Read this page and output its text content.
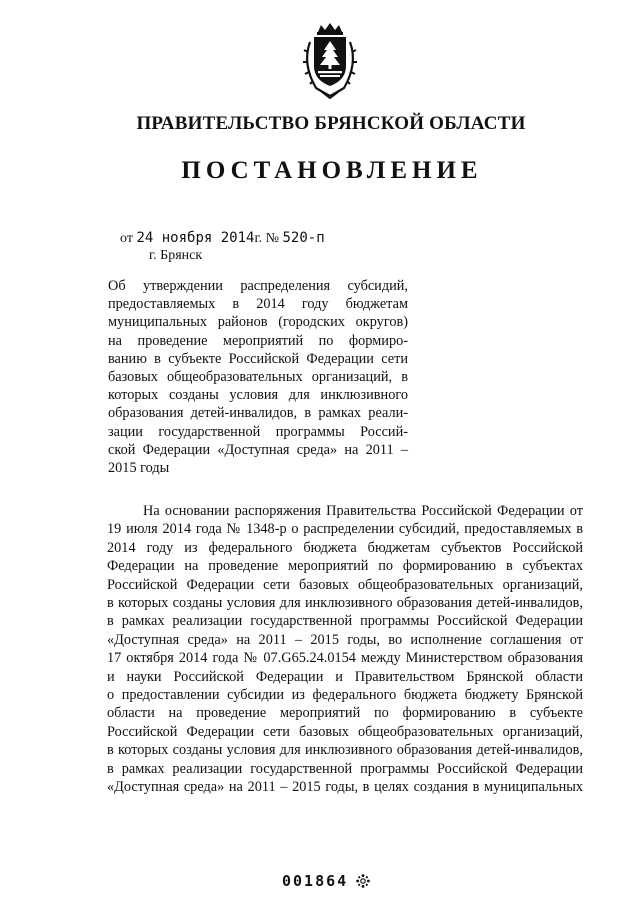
ПРАВИТЕЛЬСТВО БРЯНСКОЙ ОБЛАСТИ
ПОСТАНОВЛЕНИЕ
от 24 ноября 2014г. № 520-п
г. Брянск
Об утверждении распределения субсидий,
предоставляемых в 2014 году бюджетам
муниципальных районов (городских округов)
на проведение мероприятий по формиро-
ванию в субъекте Российской Федерации сети
базовых общеобразовательных организаций, в
которых созданы условия для инклюзивного
образования детей-инвалидов, в рамках реали-
зации государственной программы Россий-
ской Федерации «Доступная среда» на 2011 –
2015 годы
На основании распоряжения Правительства Российской Федерации от
19 июля 2014 года № 1348-р о распределении субсидий, предоставляемых в
2014 году из федерального бюджета бюджетам субъектов Российской
Федерации на проведение мероприятий по формированию в субъектах
Российской Федерации сети базовых общеобразовательных организаций,
в которых созданы условия для инклюзивного образования детей-инвалидов,
в рамках реализации государственной программы Российской Федерации
«Доступная среда» на 2011 – 2015 годы, во исполнение соглашения от
17 октября 2014 года № 07.G65.24.0154 между Министерством образования
и науки Российской Федерации и Правительством Брянской области
о предоставлении субсидии из федерального бюджета бюджету Брянской
области на проведение мероприятий по формированию в субъекте
Российской Федерации сети базовых общеобразовательных организаций,
в которых созданы условия для инклюзивного образования детей-инвалидов,
в рамках реализации государственной программы Российской Федерации
«Доступная среда» на 2011 – 2015 годы, в целях создания в муниципальных
001864
